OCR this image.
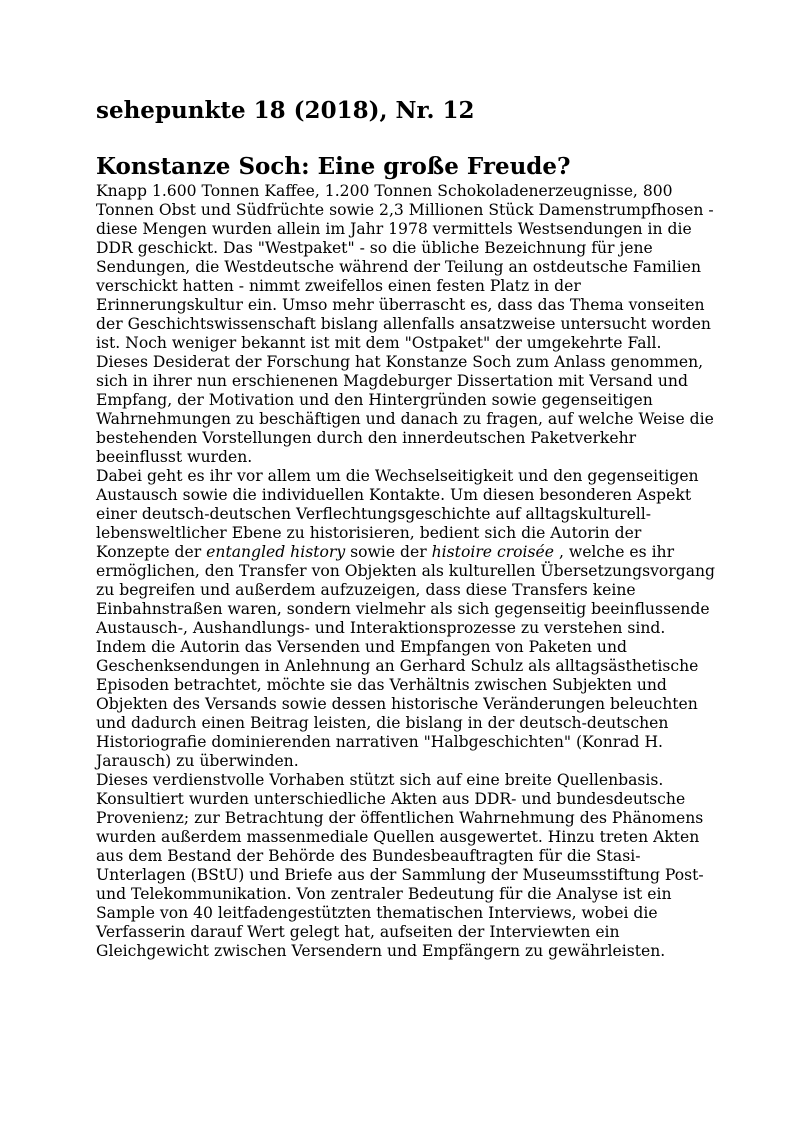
sehepunkte 18 (2018), Nr. 12
Konstanze Soch: Eine große Freude?

Knapp 1.600 Tonnen Kaffee, 1.200 Tonnen Schokoladenerzeugnisse, 800 Tonnen Obst und Südfrüchte sowie 2,3 Millionen Stück Damenstrumpfhosen - diese Mengen wurden allein im Jahr 1978 vermittels Westsendungen in die DDR geschickt. Das "Westpaket" - so die übliche Bezeichnung für jene Sendungen, die Westdeutsche während der Teilung an ostdeutsche Familien verschickt hatten - nimmt zweifellos einen festen Platz in der Erinnerungskultur ein. Umso mehr überrascht es, dass das Thema vonseiten der Geschichtswissenschaft bislang allenfalls ansatzweise untersucht worden ist. Noch weniger bekannt ist mit dem "Ostpaket" der umgekehrte Fall. Dieses Desiderat der Forschung hat Konstanze Soch zum Anlass genommen, sich in ihrer nun erschienenen Magdeburger Dissertation mit Versand und Empfang, der Motivation und den Hintergründen sowie gegenseitigen Wahrnehmungen zu beschäftigen und danach zu fragen, auf welche Weise die bestehenden Vorstellungen durch den innerdeutschen Paketverkehr beeinflusst wurden.

Dabei geht es ihr vor allem um die Wechselseitigkeit und den gegenseitigen Austausch sowie die individuellen Kontakte. Um diesen besonderen Aspekt einer deutsch-deutschen Verflechtungsgeschichte auf alltagskulturell-lebensweltlicher Ebene zu historisieren, bedient sich die Autorin der Konzepte der entangled history sowie der histoire croisée , welche es ihr ermöglichen, den Transfer von Objekten als kulturellen Übersetzungsvorgang zu begreifen und außerdem aufzuzeigen, dass diese Transfers keine Einbahnstraßen waren, sondern vielmehr als sich gegenseitig beeinflussende Austausch-, Aushandlungs- und Interaktionsprozesse zu verstehen sind. Indem die Autorin das Versenden und Empfangen von Paketen und Geschenksendungen in Anlehnung an Gerhard Schulz als alltagsästhetische Episoden betrachtet, möchte sie das Verhältnis zwischen Subjekten und Objekten des Versands sowie dessen historische Veränderungen beleuchten und dadurch einen Beitrag leisten, die bislang in der deutsch-deutschen Historiografie dominierenden narrativen "Halbgeschichten" (Konrad H. Jarausch) zu überwinden.

Dieses verdienstvolle Vorhaben stützt sich auf eine breite Quellenbasis. Konsultiert wurden unterschiedliche Akten aus DDR- und bundesdeutsche Provenienz; zur Betrachtung der öffentlichen Wahrnehmung des Phänomens wurden außerdem massenmediale Quellen ausgewertet. Hinzu treten Akten aus dem Bestand der Behörde des Bundesbeauftragten für die Stasi-Unterlagen (BStU) und Briefe aus der Sammlung der Museumsstiftung Post- und Telekommunikation. Von zentraler Bedeutung für die Analyse ist ein Sample von 40 leitfadengestützten thematischen Interviews, wobei die Verfasserin darauf Wert gelegt hat, aufseiten der Interviewten ein Gleichgewicht zwischen Versendern und Empfängern zu gewährleisten.
